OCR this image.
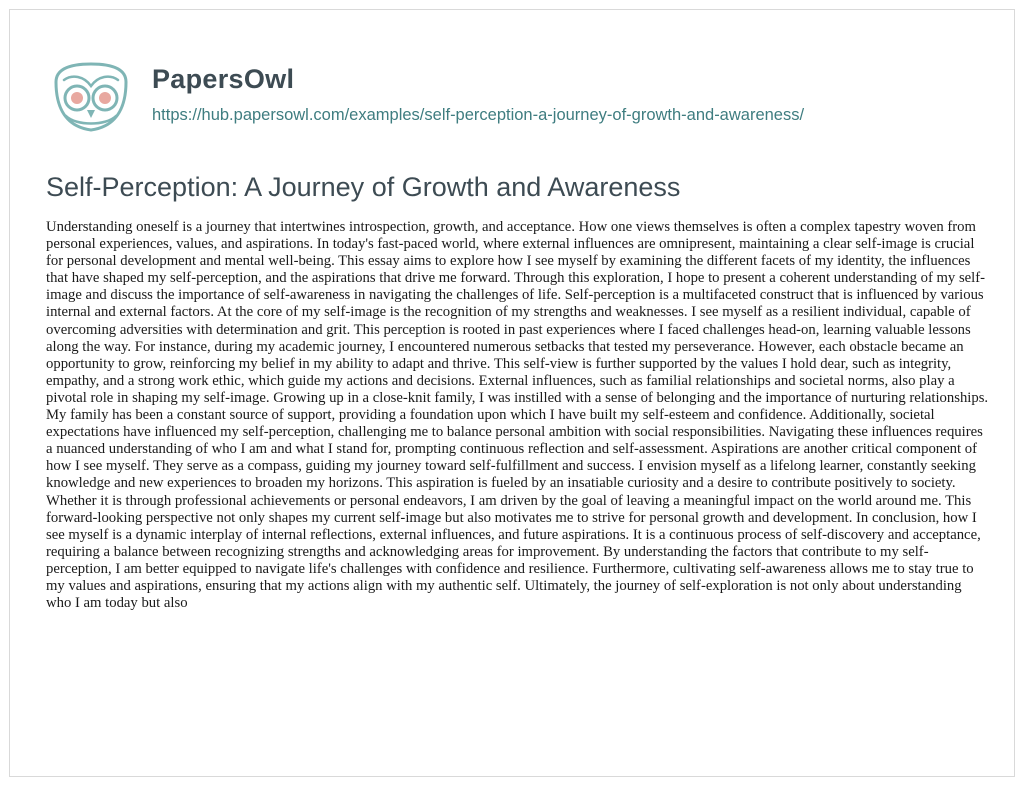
PapersOwl
https://hub.papersowl.com/examples/self-perception-a-journey-of-growth-and-awareness/
Self-Perception: A Journey of Growth and Awareness

Understanding oneself is a journey that intertwines introspection, growth, and acceptance. How one views themselves is often a complex tapestry woven from personal experiences, values, and aspirations. In today's fast-paced world, where external influences are omnipresent, maintaining a clear self-image is crucial for personal development and mental well-being. This essay aims to explore how I see myself by examining the different facets of my identity, the influences that have shaped my self-perception, and the aspirations that drive me forward. Through this exploration, I hope to present a coherent understanding of my self-image and discuss the importance of self-awareness in navigating the challenges of life. Self-perception is a multifaceted construct that is influenced by various internal and external factors. At the core of my self-image is the recognition of my strengths and weaknesses. I see myself as a resilient individual, capable of overcoming adversities with determination and grit. This perception is rooted in past experiences where I faced challenges head-on, learning valuable lessons along the way. For instance, during my academic journey, I encountered numerous setbacks that tested my perseverance. However, each obstacle became an opportunity to grow, reinforcing my belief in my ability to adapt and thrive. This self-view is further supported by the values I hold dear, such as integrity, empathy, and a strong work ethic, which guide my actions and decisions. External influences, such as familial relationships and societal norms, also play a pivotal role in shaping my self-image. Growing up in a close-knit family, I was instilled with a sense of belonging and the importance of nurturing relationships. My family has been a constant source of support, providing a foundation upon which I have built my self-esteem and confidence. Additionally, societal expectations have influenced my self-perception, challenging me to balance personal ambition with social responsibilities. Navigating these influences requires a nuanced understanding of who I am and what I stand for, prompting continuous reflection and self-assessment. Aspirations are another critical component of how I see myself. They serve as a compass, guiding my journey toward self-fulfillment and success. I envision myself as a lifelong learner, constantly seeking knowledge and new experiences to broaden my horizons. This aspiration is fueled by an insatiable curiosity and a desire to contribute positively to society. Whether it is through professional achievements or personal endeavors, I am driven by the goal of leaving a meaningful impact on the world around me. This forward-looking perspective not only shapes my current self-image but also motivates me to strive for personal growth and development. In conclusion, how I see myself is a dynamic interplay of internal reflections, external influences, and future aspirations. It is a continuous process of self-discovery and acceptance, requiring a balance between recognizing strengths and acknowledging areas for improvement. By understanding the factors that contribute to my self-perception, I am better equipped to navigate life's challenges with confidence and resilience. Furthermore, cultivating self-awareness allows me to stay true to my values and aspirations, ensuring that my actions align with my authentic self. Ultimately, the journey of self-exploration is not only about understanding who I am today but also
